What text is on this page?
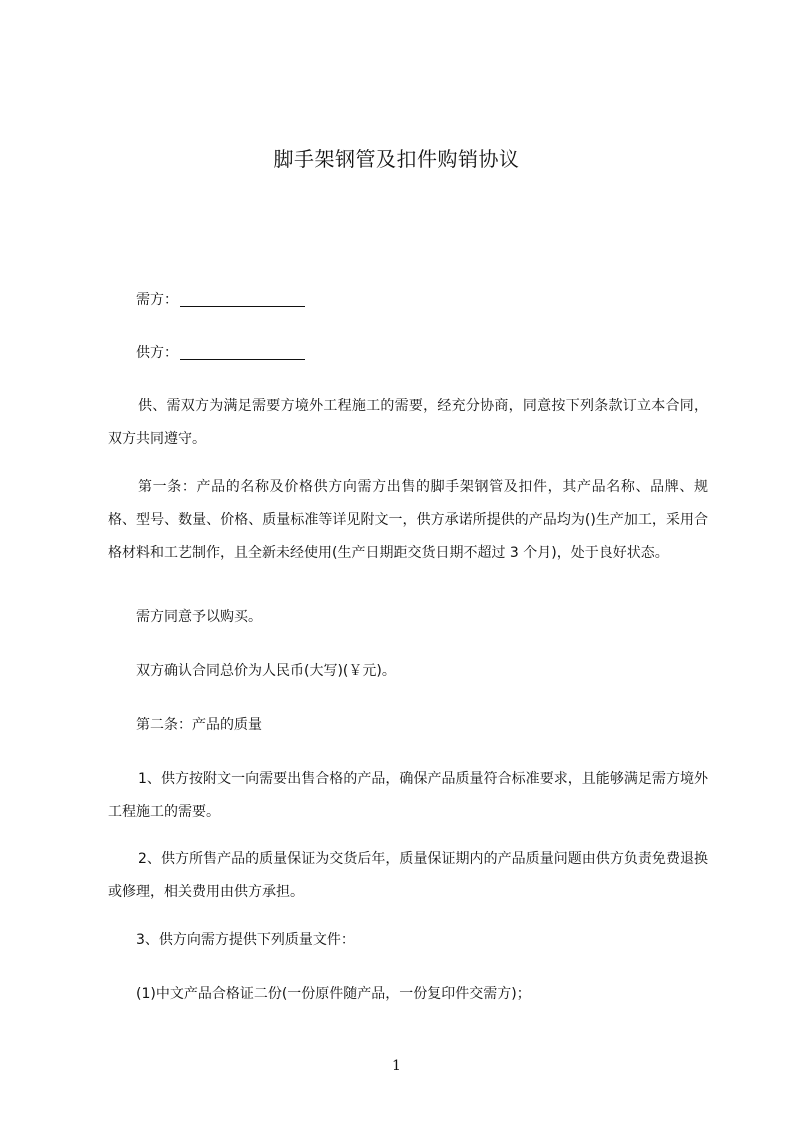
脚手架钢管及扣件购销协议
需方：
供方：
供、需双方为满足需要方境外工程施工的需要，经充分协商，同意按下列条款订立本合同，双方共同遵守。
第一条：产品的名称及价格供方向需方出售的脚手架钢管及扣件，其产品名称、品牌、规格、型号、数量、价格、质量标准等详见附文一，供方承诺所提供的产品均为()生产加工，采用合格材料和工艺制作，且全新未经使用(生产日期距交货日期不超过 3 个月)，处于良好状态。
需方同意予以购买。
双方确认合同总价为人民币(大写)(￥元)。
第二条：产品的质量
1、供方按附文一向需要出售合格的产品，确保产品质量符合标准要求，且能够满足需方境外工程施工的需要。
2、供方所售产品的质量保证为交货后年，质量保证期内的产品质量问题由供方负责免费退换或修理，相关费用由供方承担。
3、供方向需方提供下列质量文件：
(1)中文产品合格证二份(一份原件随产品，一份复印件交需方)；
1
